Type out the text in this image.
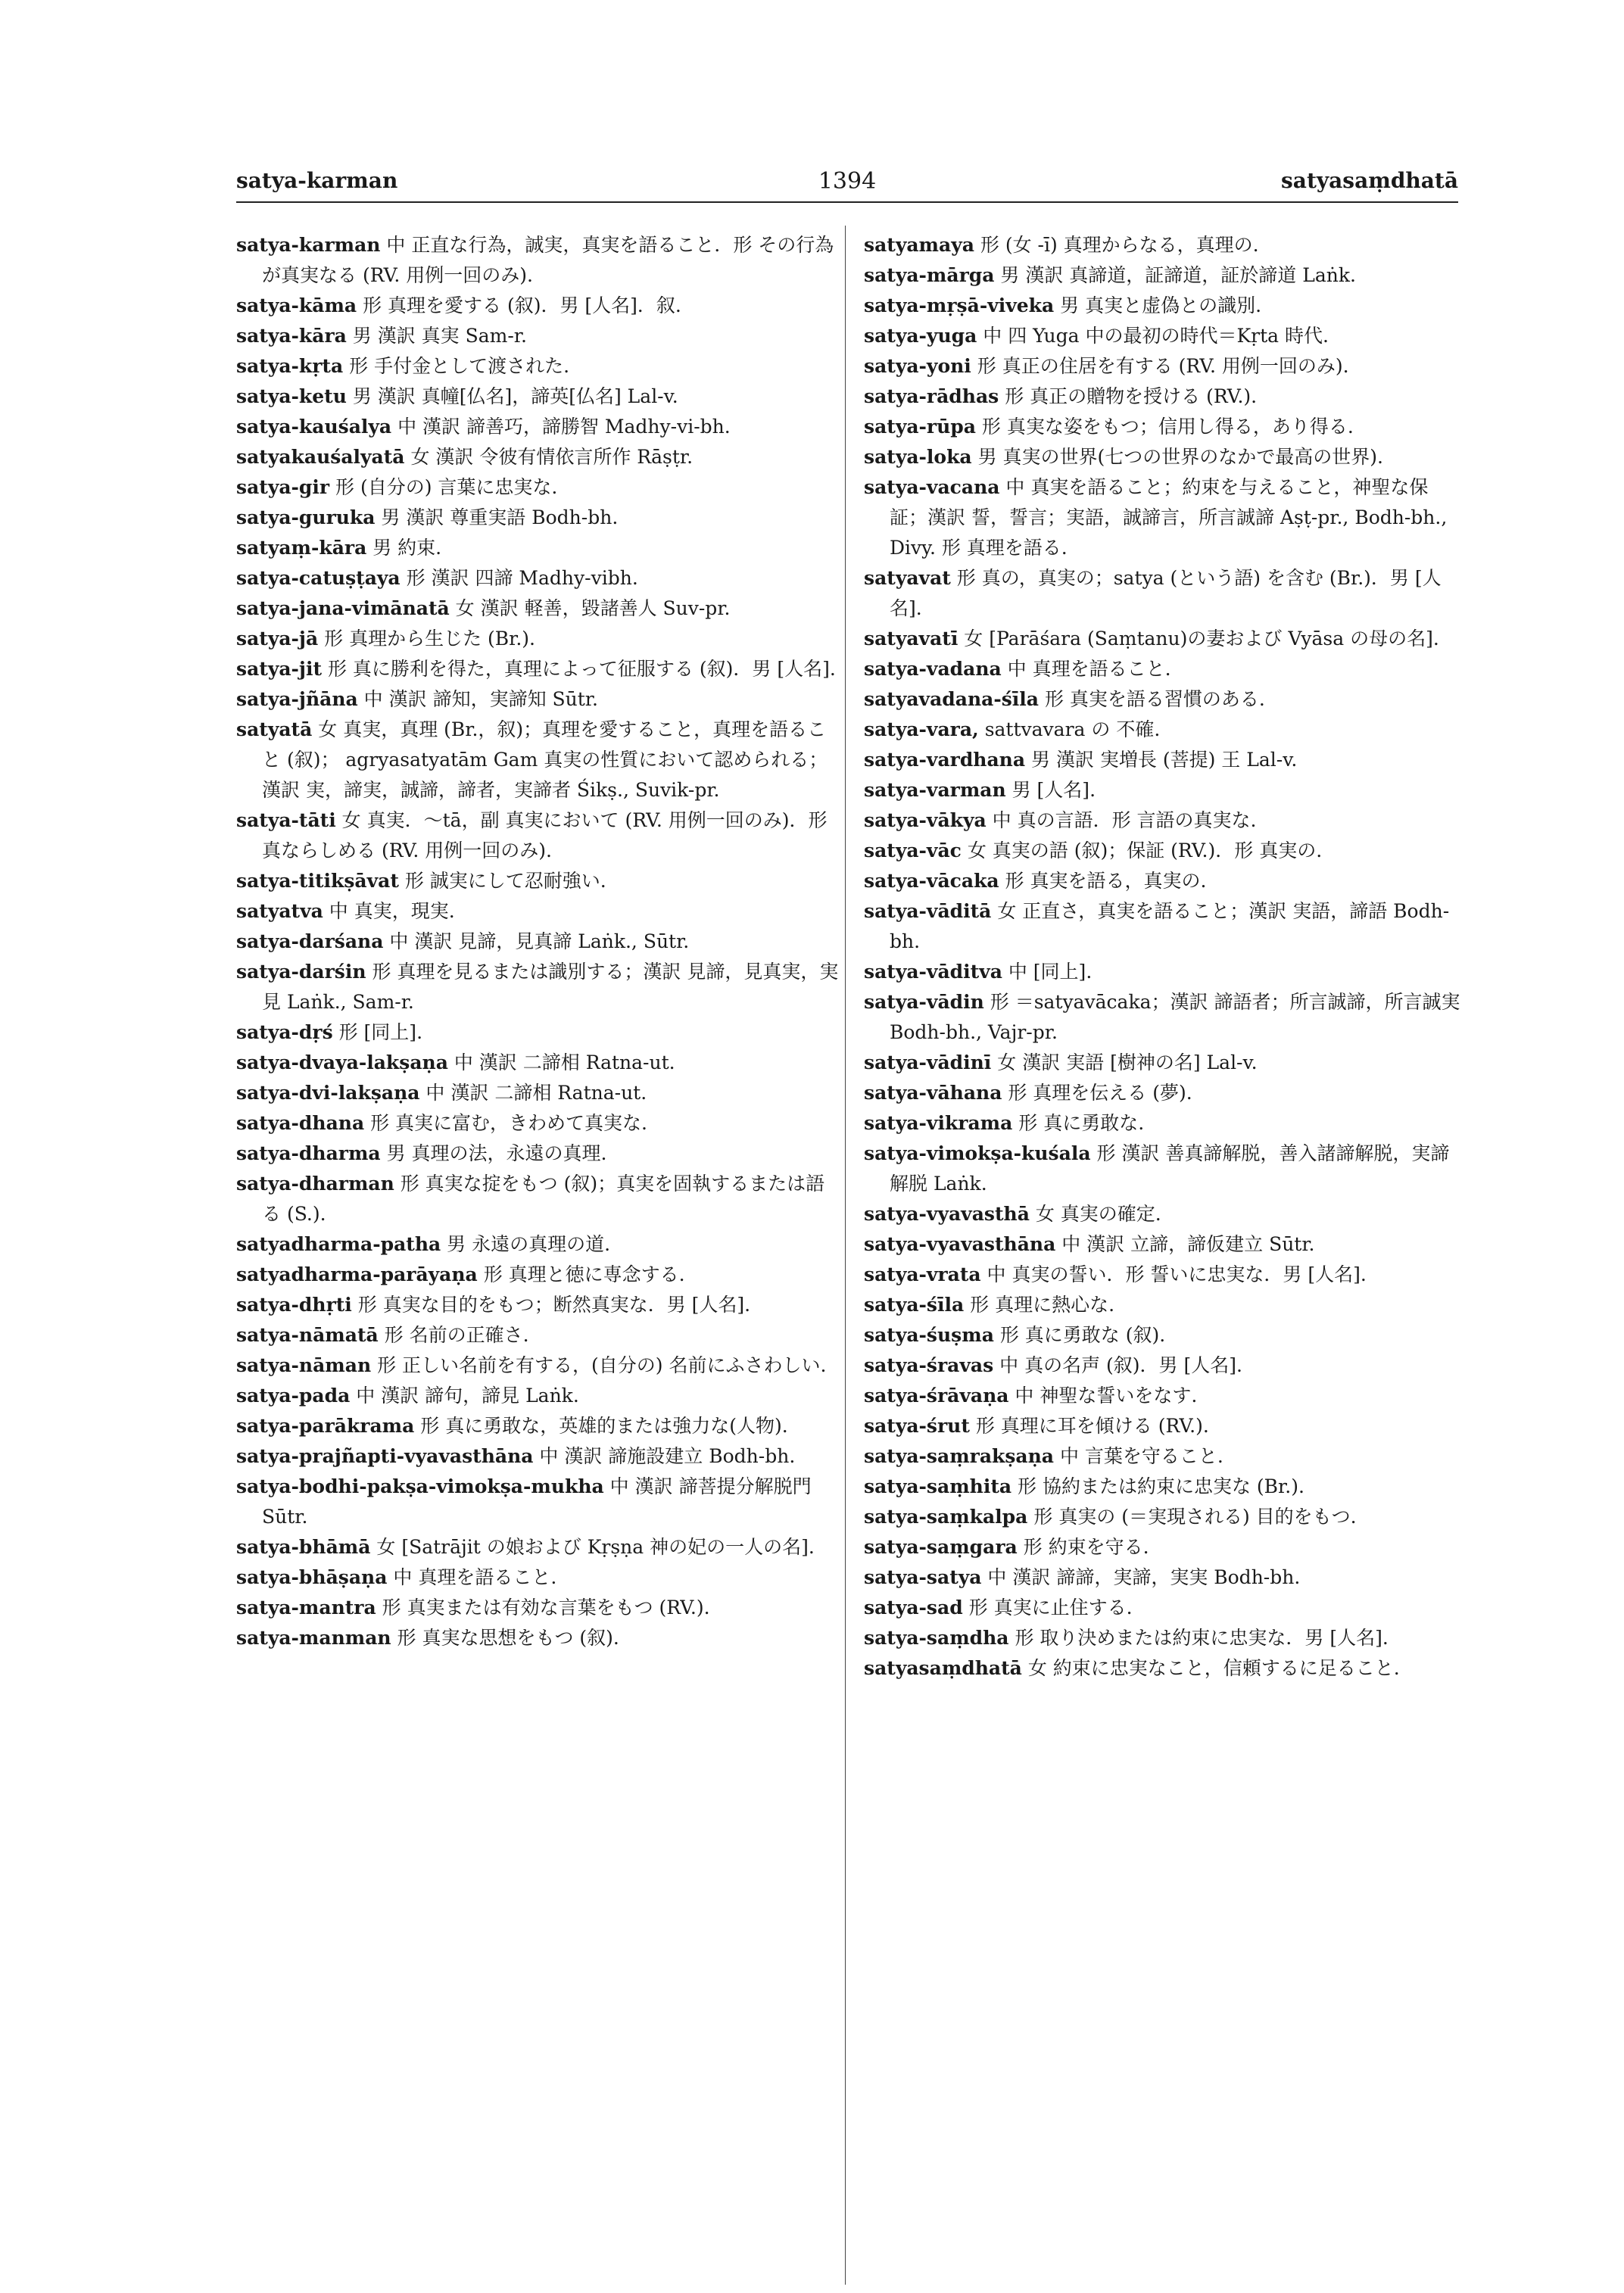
satya-karman	1394	satyasaṃdhatā

satya-karman 中 正直な行為，誠実，真実を語ること．形 その行為が真実なる (RV. 用例一回のみ).

satya-kāma 形 真理を愛する (叙)．男 [人名]．叙.

satya-kāra 男 漢訳 真実 Sam-r.

satya-kṛta 形 手付金として渡された.

satya-ketu 男 漢訳 真幢[仏名]，諦英[仏名] Lal-v.

satya-kauśalya 中 漢訳 諦善巧，諦勝智 Madhy-vi-bh.

satyakauśalyatā 女 漢訳 令彼有情依言所作 Rāṣṭr.

satya-gir 形 (自分の) 言葉に忠実な.

satya-guruka 男 漢訳 尊重実語 Bodh-bh.

satyaṃ-kāra 男 約束.

satya-catuṣṭaya 形 漢訳 四諦 Madhy-vibh.

satya-jana-vimānatā 女 漢訳 軽善，毀諸善人 Suv-pr.

satya-jā 形 真理から生じた (Br.).

satya-jit 形 真に勝利を得た，真理によって征服する (叙)．男 [人名].

satya-jñāna 中 漢訳 諦知，実諦知 Sūtr.

satyatā 女 真実，真理 (Br.，叙)；真理を愛すること，真理を語ること (叙)； agryasatyatām Gam 真実の性質において認められる；漢訳 実，諦実，誠諦，諦者，実諦者 Śikṣ., Suvik-pr.

satya-tāti 女 真実．～tā，副 真実において (RV. 用例一回のみ)．形 真ならしめる (RV. 用例一回のみ).

satya-titikṣāvat 形 誠実にして忍耐強い.

satyatva 中 真実，現実.

satya-darśana 中 漢訳 見諦，見真諦 Laṅk., Sūtr.

satya-darśin 形 真理を見るまたは識別する；漢訳 見諦，見真実，実見 Laṅk., Sam-r.

satya-dṛś 形 [同上].

satya-dvaya-lakṣaṇa 中 漢訳 二諦相 Ratna-ut.

satya-dvi-lakṣaṇa 中 漢訳 二諦相 Ratna-ut.

satya-dhana 形 真実に富む，きわめて真実な.

satya-dharma 男 真理の法，永遠の真理.

satya-dharman 形 真実な掟をもつ (叙)；真実を固執するまたは語る (S.).

satyadharma-patha 男 永遠の真理の道.

satyadharma-parāyaṇa 形 真理と徳に専念する.

satya-dhṛti 形 真実な目的をもつ；断然真実な．男 [人名].

satya-nāmatā 形 名前の正確さ.

satya-nāman 形 正しい名前を有する，(自分の) 名前にふさわしい.

satya-pada 中 漢訳 諦句，諦見 Laṅk.

satya-parākrama 形 真に勇敢な，英雄的または強力な(人物).

satya-prajñapti-vyavasthāna 中 漢訳 諦施設建立 Bodh-bh.

satya-bodhi-pakṣa-vimokṣa-mukha 中 漢訳 諦菩提分解脱門 Sūtr.

satya-bhāmā 女 [Satrājit の娘および Kṛṣṇa 神の妃の一人の名].

satya-bhāṣaṇa 中 真理を語ること.

satya-mantra 形 真実または有効な言葉をもつ (RV.).

satya-manman 形 真実な思想をもつ (叙).

satyamaya 形 (女 -ī) 真理からなる，真理の.

satya-mārga 男 漢訳 真諦道，証諦道，証於諦道 Laṅk.

satya-mṛṣā-viveka 男 真実と虚偽との識別.

satya-yuga 中 四 Yuga 中の最初の時代＝Kṛta 時代.

satya-yoni 形 真正の住居を有する (RV. 用例一回のみ).

satya-rādhas 形 真正の贈物を授ける (RV.).

satya-rūpa 形 真実な姿をもつ；信用し得る，あり得る.

satya-loka 男 真実の世界(七つの世界のなかで最高の世界).

satya-vacana 中 真実を語ること；約束を与えること，神聖な保証；漢訳 誓，誓言；実語，誠諦言，所言誠諦 Aṣṭ-pr., Bodh-bh., Divy. 形 真理を語る.

satyavat 形 真の，真実の；satya (という語) を含む (Br.)．男 [人名].

satyavatī 女 [Parāśara (Saṃtanu)の妻および Vyāsa の母の名].

satya-vadana 中 真理を語ること.

satyavadana-śīla 形 真実を語る習慣のある.

satya-vara, sattvavara の 不確.

satya-vardhana 男 漢訳 実増長 (菩提) 王 Lal-v.

satya-varman 男 [人名].

satya-vākya 中 真の言語．形 言語の真実な.

satya-vāc 女 真実の語 (叙)；保証 (RV.)．形 真実の.

satya-vācaka 形 真実を語る，真実の.

satya-vāditā 女 正直さ，真実を語ること；漢訳 実語，諦語 Bodh-bh.

satya-vāditva 中 [同上].

satya-vādin 形 ＝satyavācaka；漢訳 諦語者；所言誠諦，所言誠実 Bodh-bh., Vajr-pr.

satya-vādinī 女 漢訳 実語 [樹神の名] Lal-v.

satya-vāhana 形 真理を伝える (夢).

satya-vikrama 形 真に勇敢な.

satya-vimokṣa-kuśala 形 漢訳 善真諦解脱，善入諸諦解脱，実諦解脱 Laṅk.

satya-vyavasthā 女 真実の確定.

satya-vyavasthāna 中 漢訳 立諦，諦仮建立 Sūtr.

satya-vrata 中 真実の誓い．形 誓いに忠実な．男 [人名].

satya-śīla 形 真理に熱心な.

satya-śuṣma 形 真に勇敢な (叙).

satya-śravas 中 真の名声 (叙)．男 [人名].

satya-śrāvaṇa 中 神聖な誓いをなす.

satya-śrut 形 真理に耳を傾ける (RV.).

satya-saṃrakṣaṇa 中 言葉を守ること.

satya-saṃhita 形 協約または約束に忠実な (Br.).

satya-saṃkalpa 形 真実の (＝実現される) 目的をもつ.

satya-saṃgara 形 約束を守る.

satya-satya 中 漢訳 諦諦，実諦，実実 Bodh-bh.

satya-sad 形 真実に止住する.

satya-saṃdha 形 取り決めまたは約束に忠実な．男 [人名].

satyasaṃdhatā 女 約束に忠実なこと，信頼するに足ること.
